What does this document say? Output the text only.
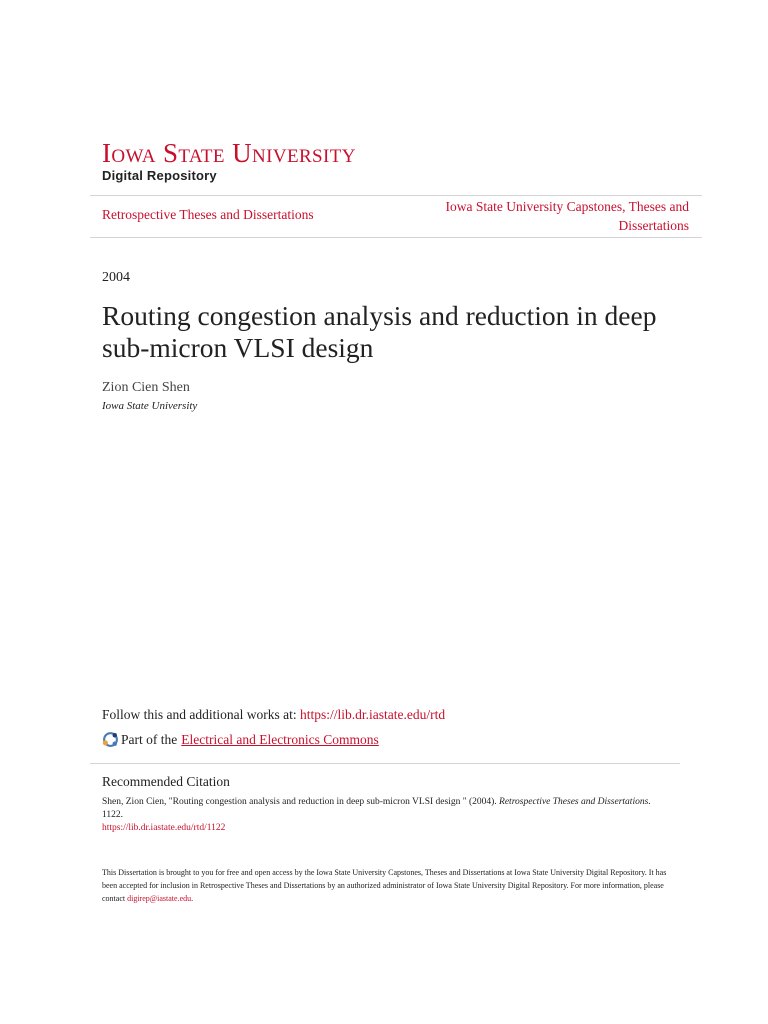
Iowa State University
Digital Repository
Retrospective Theses and Dissertations
Iowa State University Capstones, Theses and Dissertations
2004
Routing congestion analysis and reduction in deep sub-micron VLSI design
Zion Cien Shen
Iowa State University
Follow this and additional works at: https://lib.dr.iastate.edu/rtd
Part of the Electrical and Electronics Commons
Recommended Citation
Shen, Zion Cien, "Routing congestion analysis and reduction in deep sub-micron VLSI design " (2004). Retrospective Theses and Dissertations. 1122.
https://lib.dr.iastate.edu/rtd/1122
This Dissertation is brought to you for free and open access by the Iowa State University Capstones, Theses and Dissertations at Iowa State University Digital Repository. It has been accepted for inclusion in Retrospective Theses and Dissertations by an authorized administrator of Iowa State University Digital Repository. For more information, please contact digirep@iastate.edu.
